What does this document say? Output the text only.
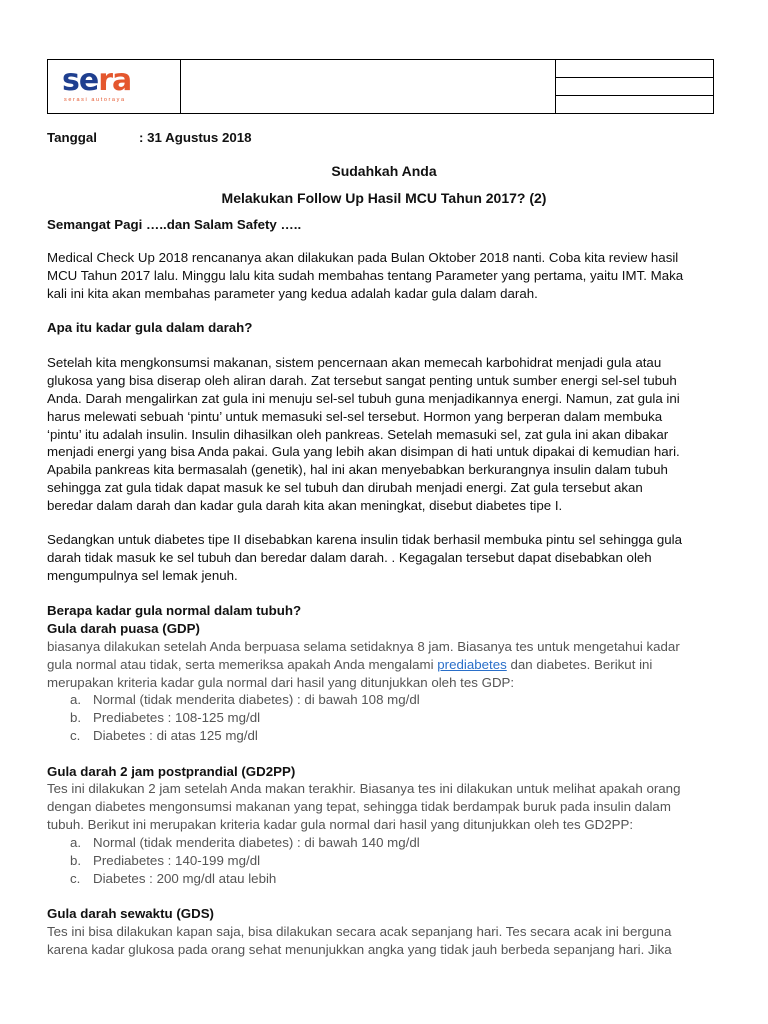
sera
serasi autoraya
Tanggal	: 31 Agustus 2018
Sudahkah Anda
Melakukan Follow Up Hasil MCU Tahun 2017? (2)
Semangat Pagi …..dan Salam Safety …..
Medical Check Up 2018 rencananya akan dilakukan pada Bulan Oktober 2018 nanti. Coba kita review hasil
MCU Tahun 2017 lalu. Minggu lalu kita sudah membahas tentang Parameter yang pertama, yaitu IMT. Maka
kali ini kita akan membahas parameter yang kedua adalah kadar gula dalam darah.
Apa itu kadar gula dalam darah?
Setelah kita mengkonsumsi makanan, sistem pencernaan akan memecah karbohidrat menjadi gula atau
glukosa yang bisa diserap oleh aliran darah. Zat tersebut sangat penting untuk sumber energi sel-sel tubuh
Anda. Darah mengalirkan zat gula ini menuju sel-sel tubuh guna menjadikannya energi. Namun, zat gula ini
harus melewati sebuah ‘pintu’ untuk memasuki sel-sel tersebut. Hormon yang berperan dalam membuka
‘pintu’ itu adalah insulin. Insulin dihasilkan oleh pankreas. Setelah memasuki sel, zat gula ini akan dibakar
menjadi energi yang bisa Anda pakai. Gula yang lebih akan disimpan di hati untuk dipakai di kemudian hari.
Apabila pankreas kita bermasalah (genetik), hal ini akan menyebabkan berkurangnya insulin dalam tubuh
sehingga zat gula tidak dapat masuk ke sel tubuh dan dirubah menjadi energi. Zat gula tersebut akan
beredar dalam darah dan kadar gula darah kita akan meningkat, disebut diabetes tipe I.
Sedangkan untuk diabetes tipe II disebabkan karena insulin tidak berhasil membuka pintu sel sehingga gula
darah tidak masuk ke sel tubuh dan beredar dalam darah. . Kegagalan tersebut dapat disebabkan oleh
mengumpulnya sel lemak jenuh.
Berapa kadar gula normal dalam tubuh?
Gula darah puasa (GDP)
biasanya dilakukan setelah Anda berpuasa selama setidaknya 8 jam. Biasanya tes untuk mengetahui kadar
gula normal atau tidak, serta memeriksa apakah Anda mengalami prediabetes dan diabetes. Berikut ini
merupakan kriteria kadar gula normal dari hasil yang ditunjukkan oleh tes GDP:
a. Normal (tidak menderita diabetes) : di bawah 108 mg/dl
b. Prediabetes : 108-125 mg/dl
c. Diabetes : di atas 125 mg/dl
Gula darah 2 jam postprandial (GD2PP)
Tes ini dilakukan 2 jam setelah Anda makan terakhir. Biasanya tes ini dilakukan untuk melihat apakah orang
dengan diabetes mengonsumsi makanan yang tepat, sehingga tidak berdampak buruk pada insulin dalam
tubuh. Berikut ini merupakan kriteria kadar gula normal dari hasil yang ditunjukkan oleh tes GD2PP:
a. Normal (tidak menderita diabetes) : di bawah 140 mg/dl
b. Prediabetes : 140-199 mg/dl
c. Diabetes : 200 mg/dl atau lebih
Gula darah sewaktu (GDS)
Tes ini bisa dilakukan kapan saja, bisa dilakukan secara acak sepanjang hari. Tes secara acak ini berguna
karena kadar glukosa pada orang sehat menunjukkan angka yang tidak jauh berbeda sepanjang hari. Jika
